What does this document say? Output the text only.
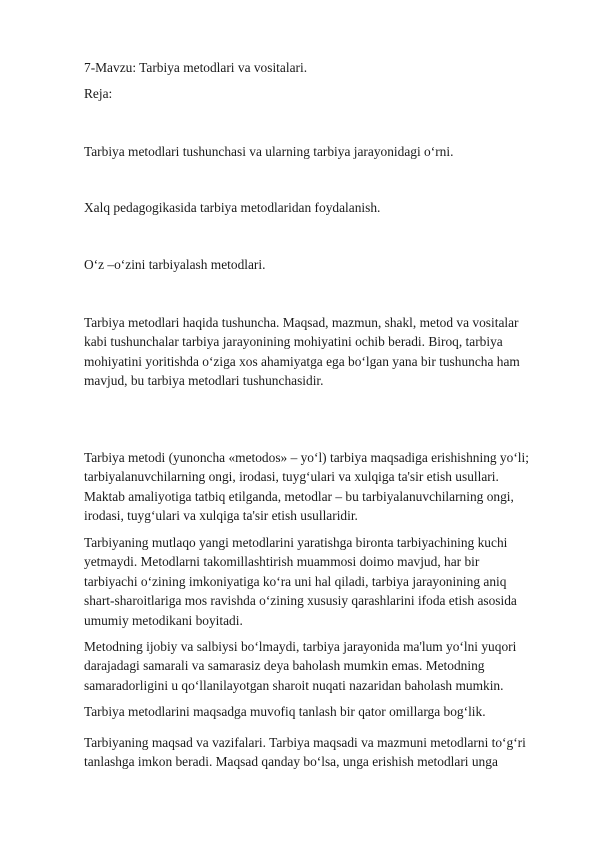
7-Mavzu: Tarbiya metodlari va vositalari.

Reja:

Tarbiya metodlari tushunchasi va ularning tarbiya jarayonidagi o‘rni.

Xalq pedagogikasida tarbiya metodlaridan foydalanish.

O‘z –o‘zini tarbiyalash metodlari.

Tarbiya metodlari haqida tushuncha. Maqsad, mazmun, shakl, metod va vositalar
kabi tushunchalar tarbiya jarayonining mohiyatini ochib beradi. Biroq, tarbiya
mohiyatini yoritishda o‘ziga xos ahamiyatga ega bo‘lgan yana bir tushuncha ham
mavjud, bu tarbiya metodlari tushunchasidir.
Tarbiya metodi (yunoncha «metodos» – yo‘l) tarbiya maqsadiga erishishning yo‘li;
tarbiyalanuvchilarning ongi, irodasi, tuyg‘ulari va xulqiga ta'sir etish usullari.
Maktab amaliyotiga tatbiq etilganda, metodlar – bu tarbiyalanuvchilarning ongi,
irodasi, tuyg‘ulari va xulqiga ta'sir etish usullaridir.
Tarbiyaning mutlaqo yangi metodlarini yaratishga bironta tarbiyachining kuchi
yetmaydi. Metodlarni takomillashtirish muammosi doimo mavjud, har bir
tarbiyachi o‘zining imkoniyatiga ko‘ra uni hal qiladi, tarbiya jarayonining aniq
shart-sharoitlariga mos ravishda o‘zining xususiy qarashlarini ifoda etish asosida
umumiy metodikani boyitadi.
Metodning ijobiy va salbiysi bo‘lmaydi, tarbiya jarayonida ma'lum yo‘lni yuqori
darajadagi samarali va samarasiz deya baholash mumkin emas. Metodning
samaradorligini u qo‘llanilayotgan sharoit nuqati nazaridan baholash mumkin.
Tarbiya metodlarini maqsadga muvofiq tanlash bir qator omillarga bog‘lik.
Tarbiyaning maqsad va vazifalari. Tarbiya maqsadi va mazmuni metodlarni to‘g‘ri
tanlashga imkon beradi. Maqsad qanday bo‘lsa, unga erishish metodlari unga
